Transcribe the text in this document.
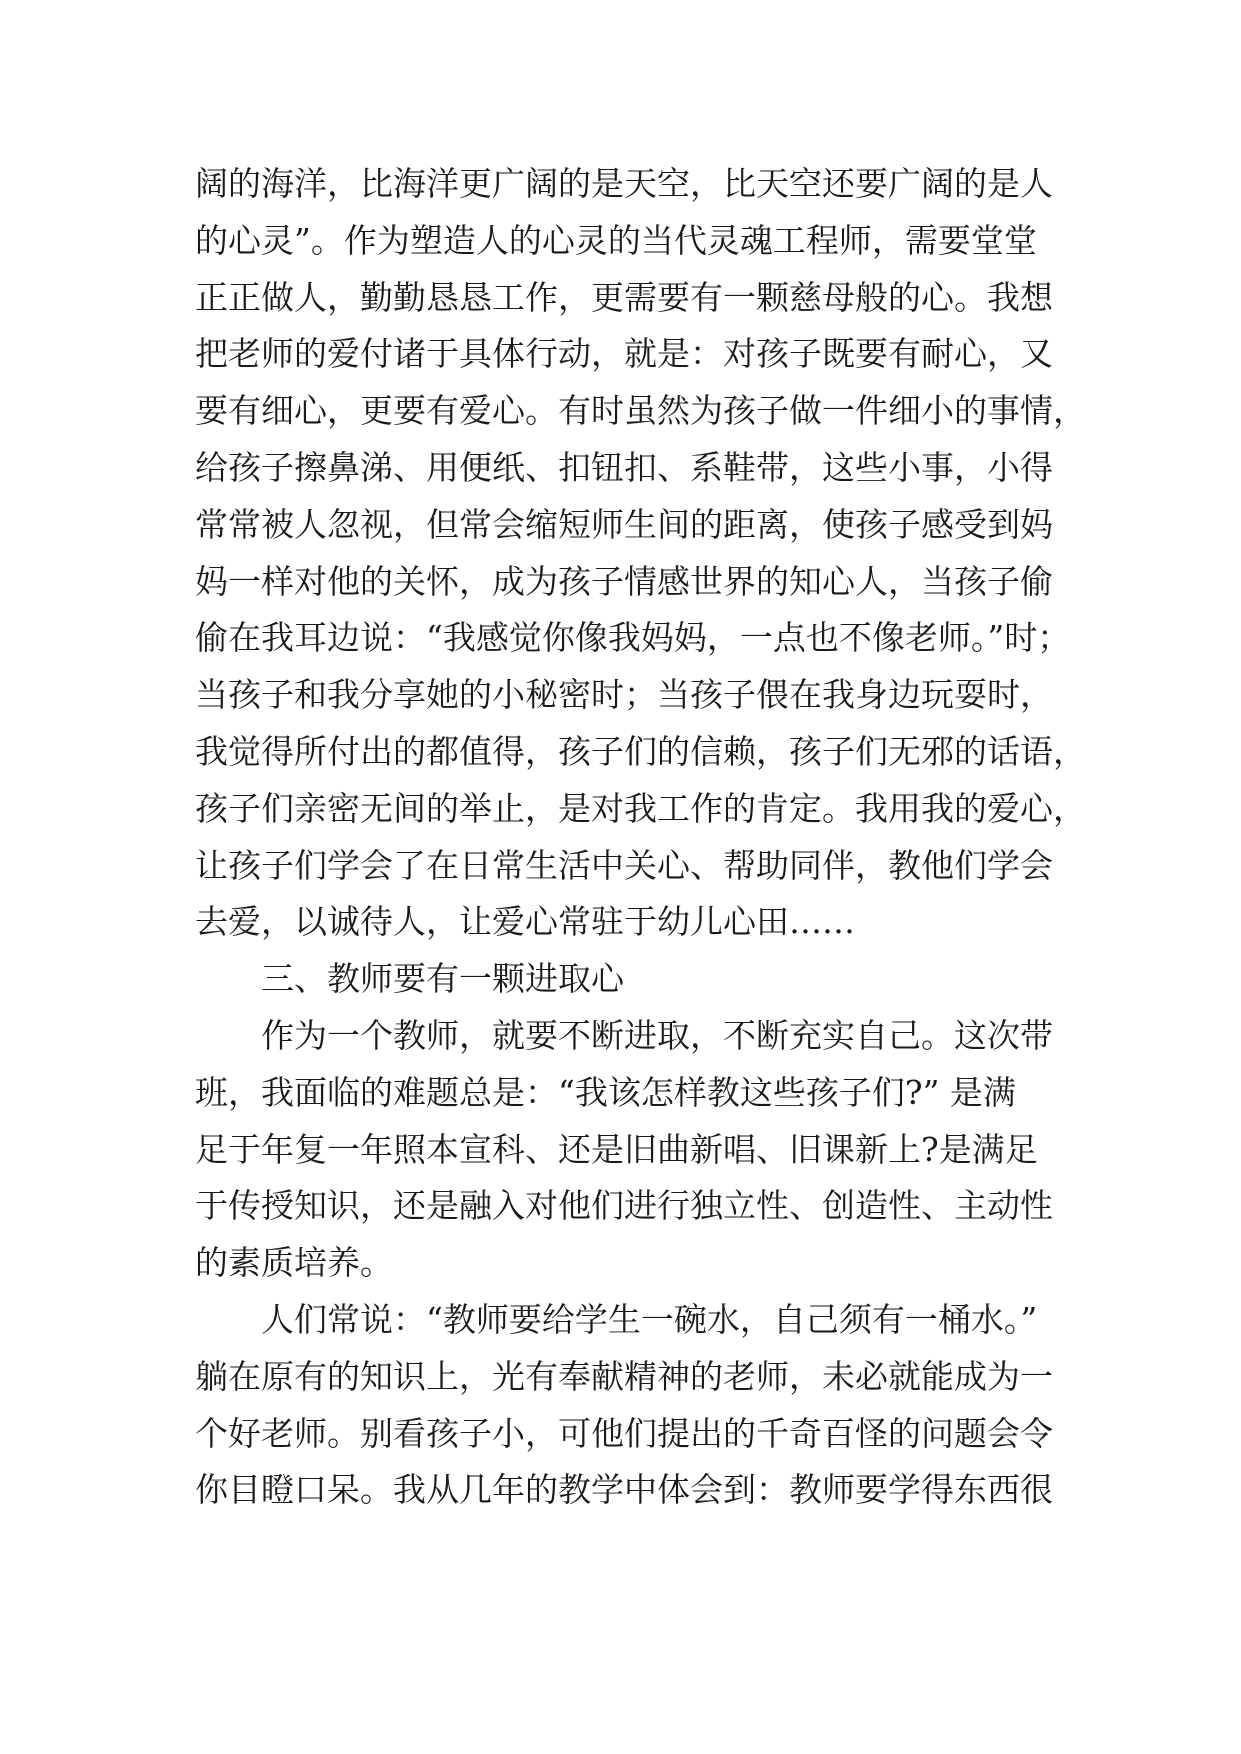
阔的海洋，比海洋更广阔的是天空，比天空还要广阔的是人
的心灵”。作为塑造人的心灵的当代灵魂工程师，需要堂堂
正正做人，勤勤恳恳工作，更需要有一颗慈母般的心。我想
把老师的爱付诸于具体行动，就是：对孩子既要有耐心，又
要有细心，更要有爱心。有时虽然为孩子做一件细小的事情，
给孩子擦鼻涕、用便纸、扣钮扣、系鞋带，这些小事，小得
常常被人忽视，但常会缩短师生间的距离，使孩子感受到妈
妈一样对他的关怀，成为孩子情感世界的知心人，当孩子偷
偷在我耳边说：“我感觉你像我妈妈，一点也不像老师。”时；
当孩子和我分享她的小秘密时；当孩子偎在我身边玩耍时，
我觉得所付出的都值得，孩子们的信赖，孩子们无邪的话语，
孩子们亲密无间的举止，是对我工作的肯定。我用我的爱心，
让孩子们学会了在日常生活中关心、帮助同伴，教他们学会
去爱，以诚待人，让爱心常驻于幼儿心田……
三、教师要有一颗进取心
作为一个教师，就要不断进取，不断充实自己。这次带
班，我面临的难题总是：“我该怎样教这些孩子们?” 是满
足于年复一年照本宣科、还是旧曲新唱、旧课新上?是满足
于传授知识，还是融入对他们进行独立性、创造性、主动性
的素质培养。
人们常说：“教师要给学生一碗水，自己须有一桶水。”
躺在原有的知识上，光有奉献精神的老师，未必就能成为一
个好老师。别看孩子小，可他们提出的千奇百怪的问题会令
你目瞪口呆。我从几年的教学中体会到：教师要学得东西很
